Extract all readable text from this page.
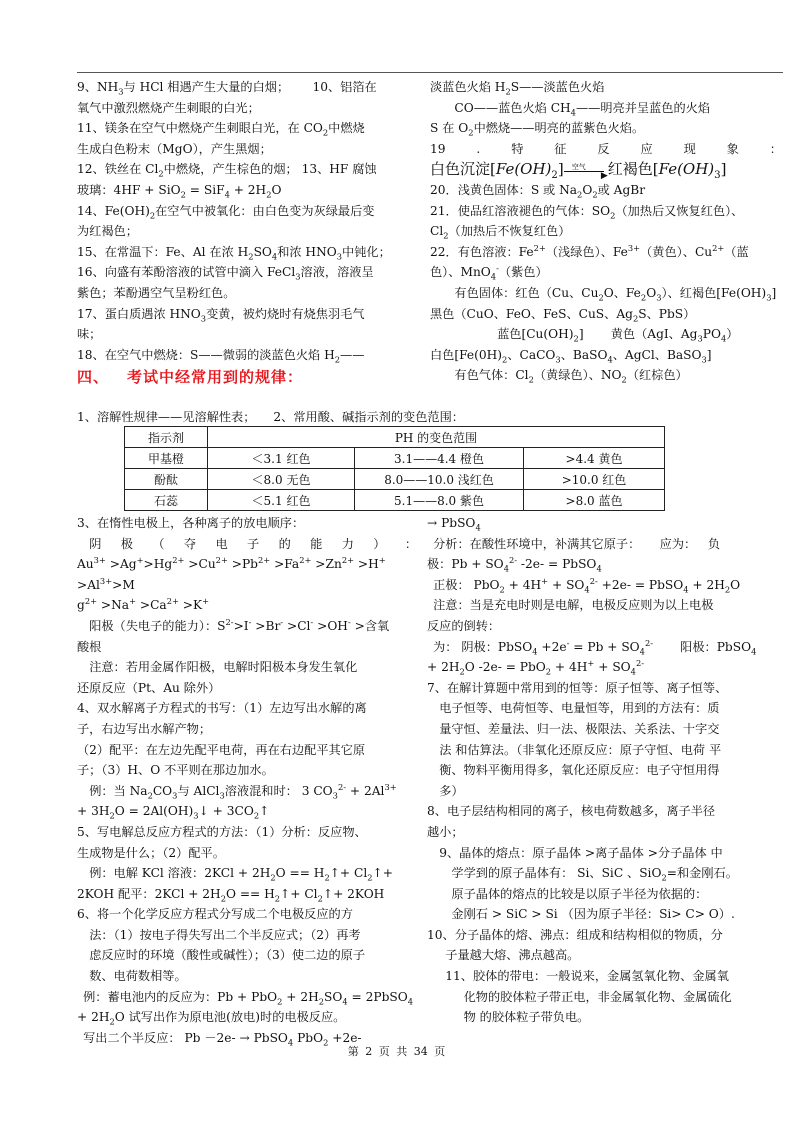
9、$NH_3$与 HCl 相遇产生大量的白烟； 10、铝箔在

氧气中激烈燃烧产生刺眼的白光；

11、镁条在空气中燃烧产生刺眼白光，在 $CO_2$中燃烧

生成白色粉末（MgO），产生黑烟；

12、铁丝在 $Cl_2$中燃烧，产生棕色的烟； 13、HF 腐蚀

玻璃：$4HF + SiO_2 = SiF_4 + 2H_2O$

14、$Fe(OH)_2$在空气中被氧化：由白色变为灰绿最后变

为红褐色；

15、在常温下：Fe、Al 在浓 $H_2SO_4$和浓 $HNO_3$中钝化；

16、向盛有苯酚溶液的试管中滴入 FeCl$_3$溶液，溶液呈

紫色；苯酚遇空气呈粉红色。

17、蛋白质遇浓 $HNO_3$变黄，被灼烧时有烧焦羽毛气

味；

18、在空气中燃烧：S——微弱的淡蓝色火焰 $H_2——$

淡蓝色火焰 $H_2S——$淡蓝色火焰

CO——蓝色火焰 $CH_4——$明亮并呈蓝色的火焰

S 在 $O_2$中燃烧——明亮的蓝紫色火焰。

19	.	特	征	反	应	现	象	：

白色沉淀$[Fe(OH)_2]$ 空气
▶ 红褐色$[Fe(OH)_3]$

20．浅黄色固体：S 或 $Na_2O_2$或 AgBr

21．使品红溶液褪色的气体：$SO_2$（加热后又恢复红色）、

$Cl_2$（加热后不恢复红色）

22．有色溶液：$Fe^{2+}$（浅绿色）、$Fe^{3+}$（黄色）、$Cu^{2+}$（蓝

色）、MnO$_4$-（紫色）

有色固体：红色（Cu、$Cu_2O$、$Fe_2O_3$）、红褐色$[Fe(OH)_3]$

黑色（CuO、FeO、FeS、CuS、$Ag_2S$、PbS）

蓝色$[Cu(OH)_2]$ 黄色（AgI、$Ag_3PO_4$）

白色[$Fe(0H)_2$、CaCO$_3$、BaSO$_4$、AgCl、BaSO$_3$]

有色气体：$Cl_2$（黄绿色）、$NO_2$（红棕色）

四、 考试中经常用到的规律：
1、溶解性规律——见溶解性表； 2、常用酸、碱指示剂的变色范围：
指示剂	PH 的变色范围		
甲基橙	＜3.1 红色	3.1——4.4 橙色	>4.4 黄色
酚酞	＜8.0 无色	8.0——10.0 浅红色	>10.0 红色
石蕊	＜5.1 红色	5.1——8.0 紫色	>8.0 蓝色

3、在惰性电极上，各种离子的放电顺序：

阴 极 （ 夺 电 子 的 能 力 ） ：

$Au^{3+} >Ag^+>Hg^{2+} >Cu^{2+} >Pb^{2+} >Fa^{2+} >Zn^{2+} >H^+ >Al^{3+}>M$

$g^{2+} >Na^+ >Ca^{2+} >K^+$

阳极（失电子的能力）：$S^{2-}>I^- >Br^- >Cl^- >OH^-$ >含氧

酸根

注意：若用金属作阳极，电解时阳极本身发生氧化

还原反应（Pt、Au 除外）

4、双水解离子方程式的书写：（1）左边写出水解的离

子，右边写出水解产物；

（2）配平：在左边先配平电荷，再在右边配平其它原

子；（3）H、O 不平则在那边加水。

例：当 $Na_2CO_3$与 AlCl$_3$溶液混和时： 3 $CO_3^{2-} + 2Al^{3+}$

+ $3H_2O$ = $2Al(OH)_3↓$ + $3CO_2↑$

5、写电解总反应方程式的方法：（1）分析：反应物、

生成物是什么；（2）配平。

例：电解 KCl 溶液：$2KCl + 2H_2O$ == $H_2↑+$ $Cl_2↑+$

2KOH 配平：$2KCl + 2H_2O$ == $H_2↑+$ $Cl_2↑+ 2KOH$

6、将一个化学反应方程式分写成二个电极反应的方

法：（1）按电子得失写出二个半反应式；（2）再考

虑反应时的环境（酸性或碱性）；（3）使二边的原子

数、电荷数相等。

例：蓄电池内的反应为：$Pb + PbO_2 + 2H_2SO_4$ = 2PbSO$_4$

+ $2H_2O$ 试写出作为原电池(放电)时的电极反应。

写出二个半反应： Pb －2e- → PbSO$_4$ PbO$_2$ +2e-

→ PbSO$_4$

分析：在酸性环境中，补满其它原子： 应为： 负

极：$Pb + SO_4^{2-}$ -2e- = PbSO$_4$

正极： $PbO_2 + 4H^+ + SO_4^{2-} +2e-$ = PbSO$_4$ + $2H_2O$

注意：当是充电时则是电解，电极反应则为以上电极

反应的倒转：

为： 阴极：PbSO$_4$ $+2e^- = Pb + SO_4^{2-}$ 阳极：PbSO$_4$

+ $2H_2O$ $-2e- = PbO_2 + 4H^+ + SO_4^{2-}$

7、在解计算题中常用到的恒等：原子恒等、离子恒等、

电子恒等、电荷恒等、电量恒等，用到的方法有：质

量守恒、差量法、归一法、极限法、关系法、十字交

法 和估算法。（非氧化还原反应：原子守恒、电荷 平

衡、物料平衡用得多，氧化还原反应：电子守恒用得

多）

8、电子层结构相同的离子，核电荷数越多，离子半径

越小；

9、晶体的熔点：原子晶体 >离子晶体 >分子晶体 中

学学到的原子晶体有： Si、SiC 、SiO$_2$=和金刚石。

原子晶体的熔点的比较是以原子半径为依据的：

金刚石 > SiC > Si （因为原子半径：Si> C> O）.

10、分子晶体的熔、沸点：组成和结构相似的物质，分

子量越大熔、沸点越高。

11、胶体的带电：一般说来，金属氢氧化物、金属氧

化物的胶体粒子带正电，非金属氧化物、金属硫化

物 的胶体粒子带负电。

第 2 页 共 34 页
